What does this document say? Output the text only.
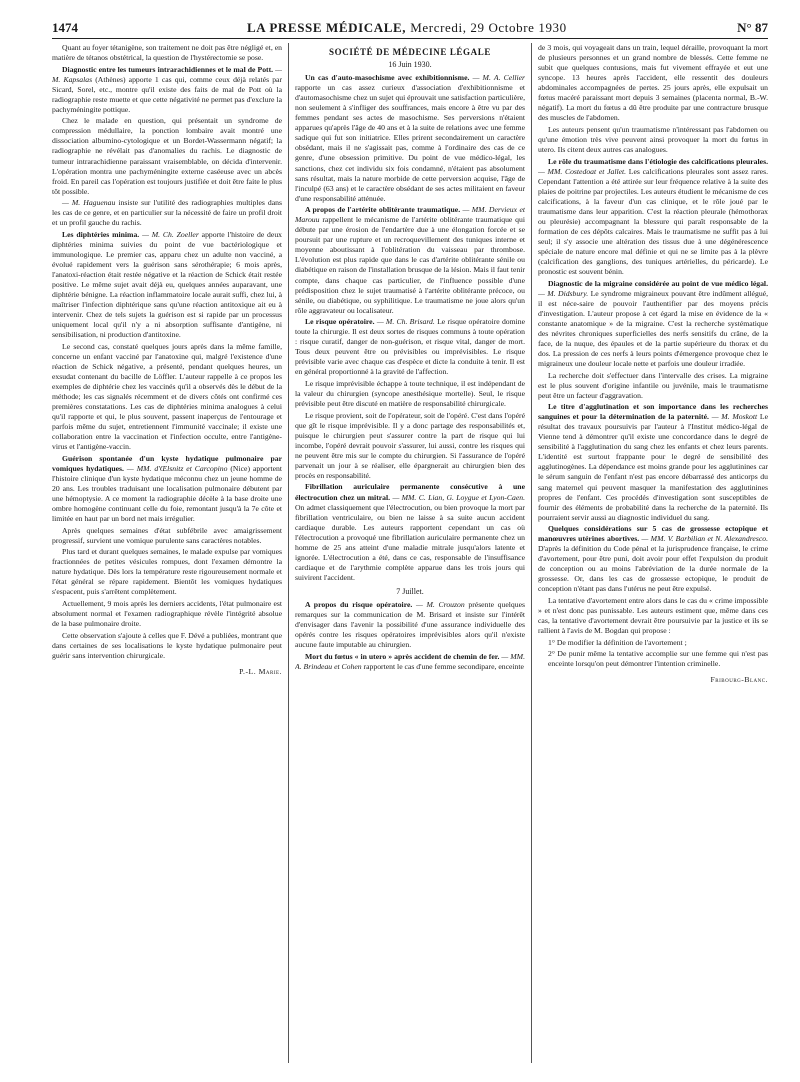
1474	LA PRESSE MÉDICALE, Mercredi, 29 Octobre 1930	N° 87

Quant au foyer tétanigène, son traitement ne doit pas être négligé et, en matière de tétanos obstétrical, la question de l'hystérectomie se pose.

Diagnostic entre les tumeurs intrarachidiennes et le mal de Pott. — M. Kapsalas (Athènes) apporte 1 cas qui, comme ceux déjà relatés par Sicard, Sorel, etc., montre qu'il existe des faits de mal de Pott où la radiographie reste muette et que cette négativité ne permet pas d'exclure la pachyméningite pottique.

Chez le malade en question, qui présentait un syndrome de compression médullaire, la ponction lombaire avait montré une dissociation albumino-cytologique et un Bordet-Wassermann négatif; la radiographie ne révélait pas d'anomalies du rachis. Le diagnostic de tumeur intrarachidienne paraissant vraisemblable, on décida d'intervenir. L'opération montra une pachyméningite externe caséeuse avec un abcès froid. En pareil cas l'opération est toujours justifiée et doit être faite le plus tôt possible.

— M. Haguenau insiste sur l'utilité des radiographies multiples dans les cas de ce genre, et en particulier sur la nécessité de faire un profil droit et un profil gauche du rachis.

Les diphtéries minima. — M. Ch. Zoeller apporte l'histoire de deux diphtéries minima suivies du point de vue bactériologique et immunologique. Le premier cas, apparu chez un adulte non vacciné, a évolué rapidement vers la guérison sans sérothérapie; 6 mois après, l'anatoxi-réaction était restée négative et la réaction de Schick était restée positive. Le même sujet avait déjà eu, quelques années auparavant, une diphtérie bénigne. La réaction inflammatoire locale aurait suffi, chez lui, à maîtriser l'infection diphtérique sans qu'une réaction antitoxique ait eu à intervenir. Chez de tels sujets la guérison est si rapide par un processus uniquement local qu'il n'y a ni absorption suffisante d'antigène, ni sensibilisation, ni production d'antitoxine.

Le second cas, constaté quelques jours après dans la même famille, concerne un enfant vacciné par l'anatoxine qui, malgré l'existence d'une réaction de Schick négative, a présenté, pendant quelques heures, un exsudat contenant du bacille de Löffler. L'auteur rappelle à ce propos les exemples de diphtérie chez les vaccinés qu'il a observés dès le début de la méthode; les cas signalés récemment et de divers côtés ont confirmé ces premières constatations. Les cas de diphtéries minima analogues à celui qu'il rapporte et qui, le plus souvent, passent inaperçus de l'entourage et parfois même du sujet, entretiennent l'immunité vaccinale; il existe une collaboration entre la vaccination et l'infection occulte, entre l'antigène-virus et l'antigène-vaccin.

Guérison spontanée d'un kyste hydatique pulmonaire par vomiques hydatiques. — MM. d'Œlsnitz et Carcopino (Nice) apportent l'histoire clinique d'un kyste hydatique méconnu chez un jeune homme de 20 ans. Les troubles traduisant une localisation pulmonaire débutent par une hémoptysie. A ce moment la radiographie décèle à la base droite une ombre homogène continuant celle du foie, remontant jusqu'à la 7e côte et limitée en haut par un bord net mais irrégulier.

Après quelques semaines d'état subfébrile avec amaigrissement progressif, survient une vomique purulente sans caractères notables.

Plus tard et durant quelques semaines, le malade expulse par vomiques fractionnées de petites vésicules rompues, dont l'examen démontre la nature hydatique. Dès lors la température reste rigoureusement normale et l'état général se répare rapidement. Bientôt les vomiques hydatiques s'espacent, puis s'arrêtent complètement.

Actuellement, 9 mois après les derniers accidents, l'état pulmonaire est absolument normal et l'examen radiographique révèle l'intégrité absolue de la base pulmonaire droite.

Cette observation s'ajoute à celles que F. Dévé a publiées, montrant que dans certaines de ses localisations le kyste hydatique pulmonaire peut guérir sans intervention chirurgicale.

P.-L. Marie.

SOCIÉTÉ DE MÉDECINE LÉGALE

16 Juin 1930.

Un cas d'auto-masochisme avec exhibitionnisme. — M. A. Cellier rapporte un cas assez curieux d'association d'exhibitionnisme et d'automasochisme chez un sujet qui éprouvait une satisfaction particulière, non seulement à s'infliger des souffrances, mais encore à être vu par des femmes pendant ses actes de masochisme. Ses perversions n'étaient apparues qu'après l'âge de 40 ans et à la suite de relations avec une femme sadique qui fut son initiatrice. Elles prirent secondairement un caractère obsédant, mais il ne s'agissait pas, comme à l'ordinaire des cas de ce genre, d'une obsession primitive. Du point de vue médico-légal, les sanctions, chez cet individu six fois condamné, n'étaient pas absolument sans résultat, mais la nature morbide de cette perversion acquise, l'âge de l'inculpé (63 ans) et le caractère obsédant de ses actes militaient en faveur d'une responsabilité atténuée.

A propos de l'artérite oblitérante traumatique. — MM. Dervieux et Marouu rappellent le mécanisme de l'artérite oblitérante traumatique qui débute par une érosion de l'endartère due à une élongation forcée et se poursuit par une rupture et un recroquevillement des tuniques interne et moyenne aboutissant à l'oblitération du vaisseau par thrombose. L'évolution est plus rapide que dans le cas d'artérite oblitérante sénile ou diabétique en raison de l'installation brusque de la lésion. Mais il faut tenir compte, dans chaque cas particulier, de l'influence possible d'une prédisposition chez le sujet traumatisé à l'artérite oblitérante précoce, ou sénile, ou diabétique, ou syphilitique. Le traumatisme ne joue alors qu'un rôle aggravateur ou localisateur.

Le risque opératoire. — M. Ch. Brisard. Le risque opératoire domine toute la chirurgie. Il est deux sortes de risques communs à toute opération : risque curatif, danger de non-guérison, et risque vital, danger de mort. Tous deux peuvent être ou prévisibles ou imprévisibles. Le risque prévisible varie avec chaque cas d'espèce et dicte la conduite à tenir. Il est en général proportionné à la gravité de l'affection.

Le risque imprévisible échappe à toute technique, il est indépendant de la valeur du chirurgien (syncope anesthésique mortelle). Seul, le risque prévisible peut être discuté en matière de responsabilité chirurgicale.

Le risque provient, soit de l'opérateur, soit de l'opéré. C'est dans l'opéré que gît le risque imprévisible. Il y a donc partage des responsabilités et, puisque le chirurgien peut s'assurer contre la part de risque qui lui incombe, l'opéré devrait pouvoir s'assurer, lui aussi, contre les risques qui ne peuvent être mis sur le compte du chirurgien. Si l'assurance de l'opéré parvenait un jour à se réaliser, elle épargnerait au chirurgien bien des procès en responsabilité.

Fibrillation auriculaire permanente consécutive à une électrocution chez un mitral. — MM. C. Lian, G. Loygue et Lyon-Caen. On admet classiquement que l'électrocution, ou bien provoque la mort par fibrillation ventriculaire, ou bien ne laisse à sa suite aucun accident cardiaque durable. Les auteurs rapportent cependant un cas où l'électrocution a provoqué une fibrillation auriculaire permanente chez un homme de 25 ans atteint d'une maladie mitrale jusqu'alors latente et ignorée. L'électrocution a été, dans ce cas, responsable de l'insuffisance cardiaque et de l'arythmie complète apparue dans les trois jours qui suivirent l'accident.

7 Juillet.

A propos du risque opératoire. — M. Crouzon présente quelques remarques sur la communication de M. Brisard et insiste sur l'intérêt d'envisager dans l'avenir la possibilité d'une assurance individuelle des opérés contre les risques opératoires imprévisibles alors qu'il n'existe aucune faute imputable au chirurgien.

Mort du fœtus « in utero » après accident de chemin de fer. — MM. A. Brindeau et Cohen rapportent le cas d'une femme secondipare, enceinte

de 3 mois, qui voyageait dans un train, lequel déraille, provoquant la mort de plusieurs personnes et un grand nombre de blessés. Cette femme ne subit que quelques contusions, mais fut vivement effrayée et eut une syncope. 13 heures après l'accident, elle ressentit des douleurs abdominales accompagnées de pertes. 25 jours après, elle expulsait un fœtus macéré paraissant mort depuis 3 semaines (placenta normal, B.-W. négatif). La mort du fœtus a dû être produite par une contracture brusque des muscles de l'abdomen.

Les auteurs pensent qu'un traumatisme n'intéressant pas l'abdomen ou qu'une émotion très vive peuvent ainsi provoquer la mort du fœtus in utero. Ils citent deux autres cas analogues.

Le rôle du traumatisme dans l'étiologie des calcifications pleurales. — MM. Costedoat et Jallet. Les calcifications pleurales sont assez rares. Cependant l'attention a été attirée sur leur fréquence relative à la suite des plaies de poitrine par projectiles. Les auteurs étudient le mécanisme de ces calcifications, à la faveur d'un cas clinique, et le rôle joué par le traumatisme dans leur apparition. C'est la réaction pleurale (hémothorax ou pleurésie) accompagnant la blessure qui paraît responsable de la formation de ces dépôts calcaires. Mais le traumatisme ne suffit pas à lui seul; il s'y associe une altération des tissus due à une dégénérescence spéciale de nature encore mal définie et qui ne se limite pas à la plèvre (calcification des ganglions, des tuniques artérielles, du péricarde). Le pronostic est souvent bénin.

Diagnostic de la migraine considérée au point de vue médico légal. — M. Didsbury. Le syndrome migraineux pouvant être indûment allégué, il est néce-saire de pouvoir l'authentifier par des moyens précis d'investigation. L'auteur propose à cet égard la mise en évidence de la « constante anatomique » de la migraine. C'est la recherche systématique des névrites chroniques superficielles des nerfs sensitifs du crâne, de la face, de la nuque, des épaules et de la partie supérieure du thorax et du dos. La pression de ces nerfs à leurs points d'émergence provoque chez le migraineux une douleur locale nette et parfois une douleur irradiée.

La recherche doit s'effectuer dans l'intervalle des crises. La migraine est le plus souvent d'origine infantile ou juvénile, mais le traumatisme peut être un facteur d'aggravation.

Le titre d'agglutination et son importance dans les recherches sanguines et pour la détermination de la paternité. — M. Moskott Le résultat des travaux poursuivis par l'auteur à l'Institut médico-légal de Vienne tend à démontrer qu'il existe une concordance dans le degré de sensibilité à l'agglutination du sang chez les enfants et chez leurs parents. L'identité est surtout frappante pour le degré de sensibilité des agglutinogènes. La dépendance est moins grande pour les agglutinines car le sérum sanguin de l'enfant n'est pas encore débarrassé des anticorps du sang maternel qui peuvent masquer la manifestation des agglutinines propres de l'enfant. Ces procédés d'investigation sont susceptibles de fournir des éléments de probabilité dans la recherche de la paternité. Ils pourraient servir aussi au diagnostic individuel du sang.

Quelques considérations sur 5 cas de grossesse ectopique et manœuvres utérines abortives. — MM. V. Barbilian et N. Alexandresco. D'après la définition du Code pénal et la jurisprudence française, le crime d'avortement, pour être puni, doit avoir pour effet l'expulsion du produit de conception ou au moins l'abréviation de la durée normale de la grossesse. Or, dans les cas de grossesse ectopique, le produit de conception n'étant pas dans l'utérus ne peut être expulsé.

La tentative d'avortement entre alors dans le cas du « crime impossible » et n'est donc pas punissable. Les auteurs estiment que, même dans ces cas, la tentative d'avortement devrait être poursuivie par la justice et ils se rallient à l'avis de M. Bogdan qui propose :

1° De modifier la définition de l'avortement ;

2° De punir même la tentative accomplie sur une femme qui n'est pas enceinte lorsqu'on peut démontrer l'intention criminelle.

Fribourg-Blanc.
